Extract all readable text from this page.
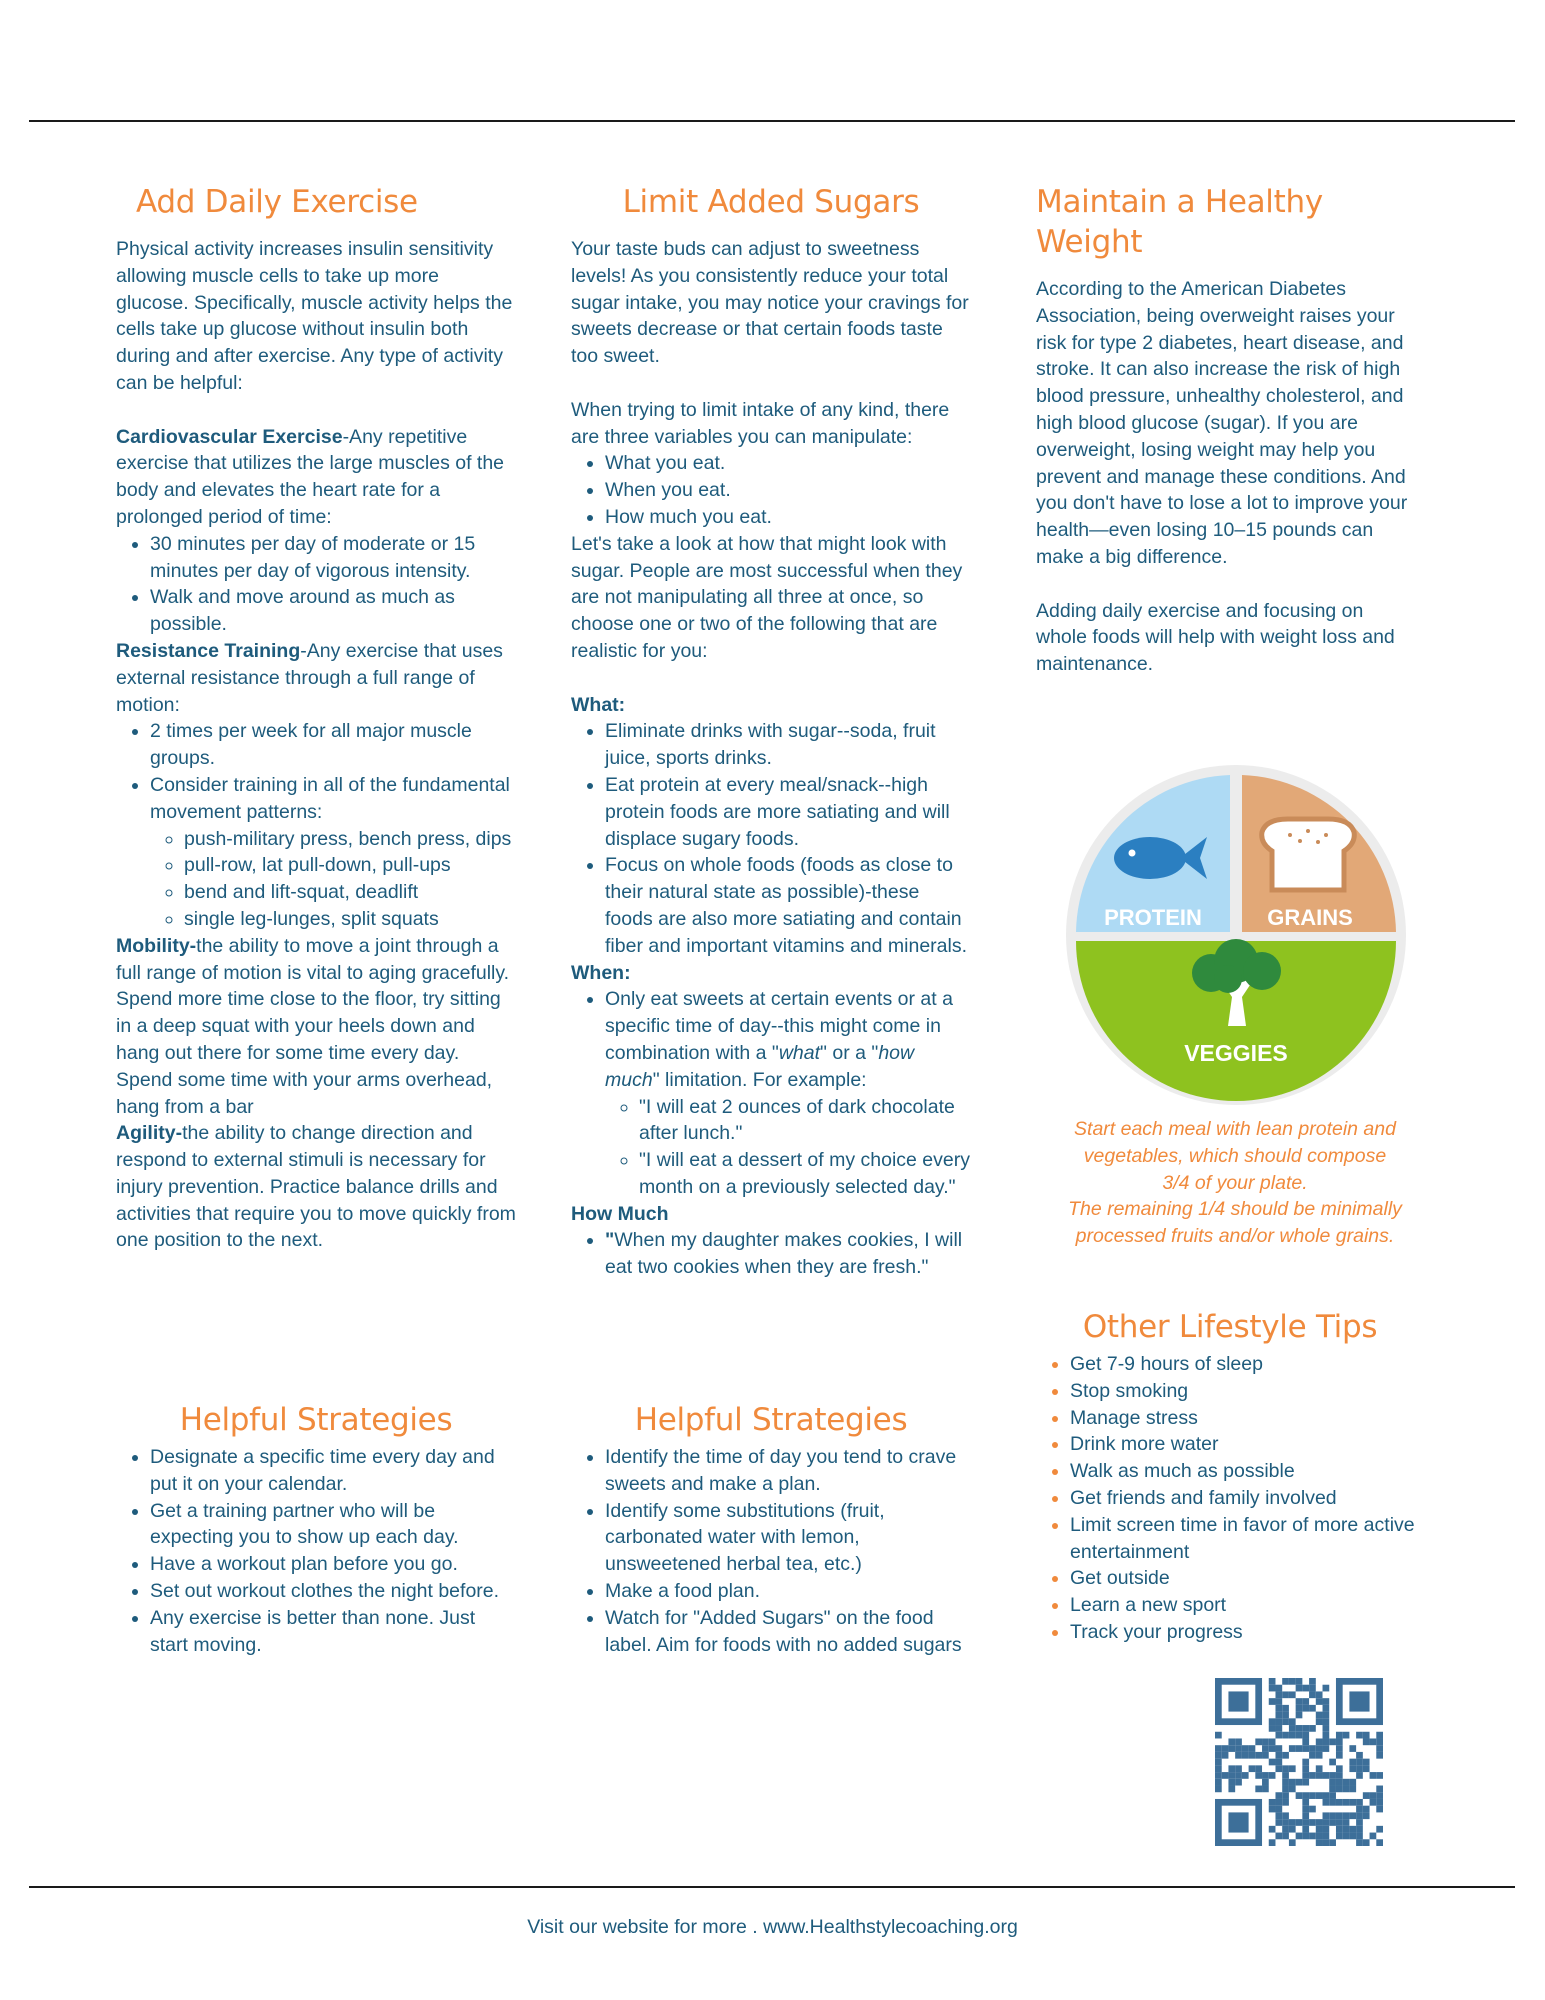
Add Daily Exercise

Physical activity increases insulin sensitivity allowing muscle cells to take up more glucose. Specifically, muscle activity helps the cells take up glucose without insulin both during and after exercise. Any type of activity can be helpful:

Cardiovascular Exercise-Any repetitive exercise that utilizes the large muscles of the body and elevates the heart rate for a prolonged period of time:

• 30 minutes per day of moderate or 15 minutes per day of vigorous intensity.
• Walk and move around as much as possible.

Resistance Training-Any exercise that uses external resistance through a full range of motion:

• 2 times per week for all major muscle groups.
• Consider training in all of the fundamental movement patterns:
◦ push-military press, bench press, dips
◦ pull-row, lat pull-down, pull-ups
◦ bend and lift-squat, deadlift
◦ single leg-lunges, split squats

Mobility-the ability to move a joint through a full range of motion is vital to aging gracefully. Spend more time close to the floor, try sitting in a deep squat with your heels down and hang out there for some time every day. Spend some time with your arms overhead, hang from a bar

Agility-the ability to change direction and respond to external stimuli is necessary for injury prevention. Practice balance drills and activities that require you to move quickly from one position to the next.

Helpful Strategies
• Designate a specific time every day and put it on your calendar.
• Get a training partner who will be expecting you to show up each day.
• Have a workout plan before you go.
• Set out workout clothes the night before.
• Any exercise is better than none. Just start moving.
Limit Added Sugars

Your taste buds can adjust to sweetness levels! As you consistently reduce your total sugar intake, you may notice your cravings for sweets decrease or that certain foods taste too sweet.

When trying to limit intake of any kind, there are three variables you can manipulate:

• What you eat.
• When you eat.
• How much you eat.

Let's take a look at how that might look with sugar. People are most successful when they are not manipulating all three at once, so choose one or two of the following that are realistic for you:

What:

• Eliminate drinks with sugar--soda, fruit juice, sports drinks.
• Eat protein at every meal/snack--high protein foods are more satiating and will displace sugary foods.
• Focus on whole foods (foods as close to their natural state as possible)-these foods are also more satiating and contain fiber and important vitamins and minerals.

When:

• Only eat sweets at certain events or at a specific time of day--this might come in combination with a "what" or a "how much" limitation. For example:
◦ "I will eat 2 ounces of dark chocolate after lunch."
◦ "I will eat a dessert of my choice every month on a previously selected day."

How Much

• "When my daughter makes cookies, I will eat two cookies when they are fresh."
Helpful Strategies
• Identify the time of day you tend to crave sweets and make a plan.
• Identify some substitutions (fruit, carbonated water with lemon, unsweetened herbal tea, etc.)
• Make a food plan.
• Watch for "Added Sugars" on the food label. Aim for foods with no added sugars
Maintain a Healthy Weight

According to the American Diabetes Association, being overweight raises your risk for type 2 diabetes, heart disease, and stroke. It can also increase the risk of high blood pressure, unhealthy cholesterol, and high blood glucose (sugar). If you are overweight, losing weight may help you prevent and manage these conditions. And you don't have to lose a lot to improve your health—even losing 10–15 pounds can make a big difference.

Adding daily exercise and focusing on whole foods will help with weight loss and maintenance.

PROTEIN	GRAINS
VEGGIES

Start each meal with lean protein and vegetables, which should compose 3/4 of your plate.

The remaining 1/4 should be minimally processed fruits and/or whole grains.

Other Lifestyle Tips
• Get 7-9 hours of sleep
• Stop smoking
• Manage stress
• Drink more water
• Walk as much as possible
• Get friends and family involved
• Limit screen time in favor of more active entertainment
• Get outside
• Learn a new sport
• Track your progress
Visit our website for more . www.Healthstylecoaching.org
